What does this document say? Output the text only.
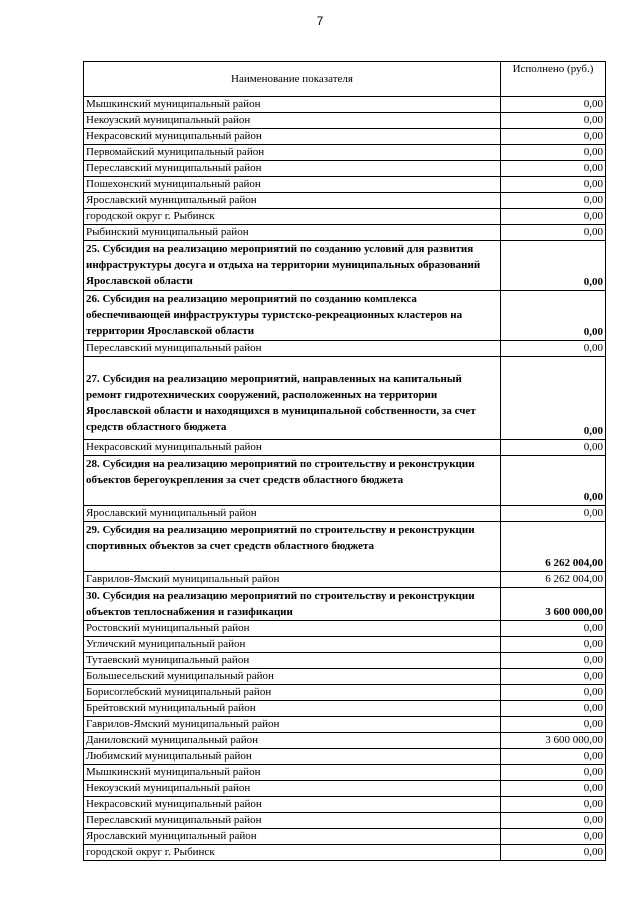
7
Наименование показателя	Исполнено (руб.)
Мышкинский муниципальный район	0,00
Некоузский муниципальный район	0,00
Некрасовский муниципальный район	0,00
Первомайский муниципальный район	0,00
Переславский муниципальный район	0,00
Пошехонский муниципальный район	0,00
Ярославский муниципальный район	0,00
городской округ г. Рыбинск	0,00
Рыбинский муниципальный район	0,00
25. Субсидия на реализацию мероприятий по созданию условий для развития инфраструктуры досуга и отдыха на территории муниципальных образований Ярославской области	0,00
26. Субсидия на реализацию мероприятий по созданию комплекса обеспечивающей инфраструктуры туристско-рекреационных кластеров на территории Ярославской области	0,00
Переславский муниципальный район	0,00
27. Субсидия на реализацию мероприятий, направленных на капитальный ремонт гидротехнических сооружений, расположенных на территории Ярославской области и находящихся в муниципальной собственности, за счет средств областного бюджета	0,00
Некрасовский муниципальный район	0,00
28. Субсидия на реализацию мероприятий по строительству и реконструкции объектов берегоукрепления за счет средств областного бюджета	0,00
Ярославский муниципальный район	0,00
29. Субсидия на реализацию мероприятий по строительству и реконструкции спортивных объектов за счет средств областного бюджета	6 262 004,00
Гаврилов-Ямский муниципальный район	6 262 004,00
30. Субсидия на реализацию мероприятий по строительству и реконструкции объектов теплоснабжения и газификации	3 600 000,00
Ростовский муниципальный район	0,00
Угличский муниципальный район	0,00
Тутаевский муниципальный район	0,00
Большесельский муниципальный район	0,00
Борисоглебский муниципальный район	0,00
Брейтовский муниципальный район	0,00
Гаврилов-Ямский муниципальный район	0,00
Даниловский муниципальный район	3 600 000,00
Любимский муниципальный район	0,00
Мышкинский муниципальный район	0,00
Некоузский муниципальный район	0,00
Некрасовский муниципальный район	0,00
Переславский муниципальный район	0,00
Ярославский муниципальный район	0,00
городской округ г. Рыбинск	0,00
